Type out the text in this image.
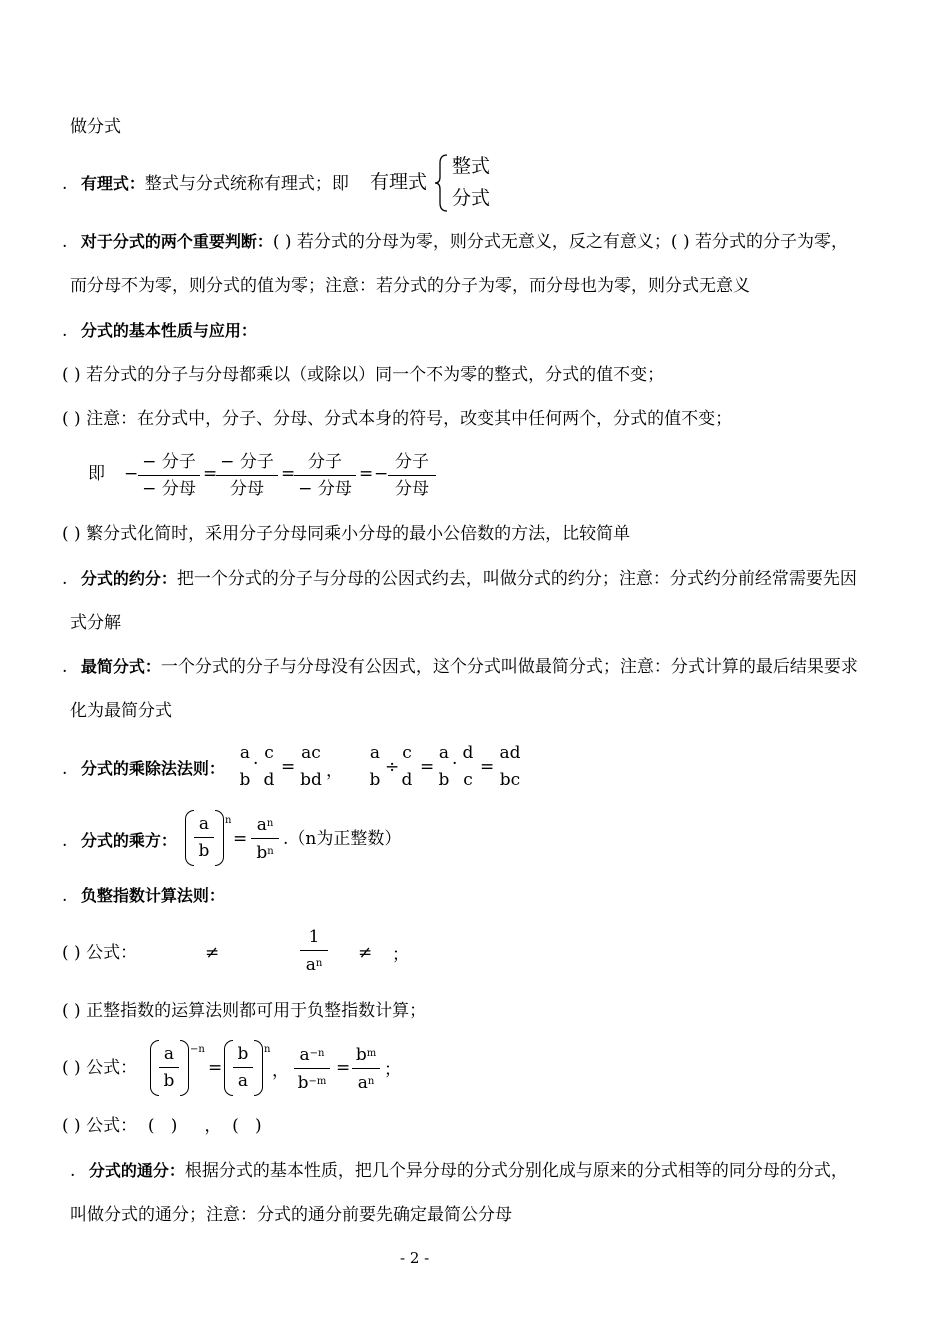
做分式
. 有理式：整式与分式统称有理式；即 有理式
整式
分式
. 对于分式的两个重要判断：( ) 若分式的分母为零，则分式无意义，反之有意义；( ) 若分式的分子为零，
而分母不为零，则分式的值为零；注意：若分式的分子为零，而分母也为零，则分式无意义
. 分式的基本性质与应用：
( ) 若分式的分子与分母都乘以（或除以）同一个不为零的整式，分式的值不变；
( ) 注意：在分式中，分子、分母、分式本身的符号，改变其中任何两个，分式的值不变；
即 −
− 分子
− 分母
=
− 分子
分母
=
分子
− 分母
= −
分子
分母
( ) 繁分式化简时，采用分子分母同乘小分母的最小公倍数的方法，比较简单
. 分式的约分：把一个分式的分子与分母的公因式约去，叫做分式的约分；注意：分式约分前经常需要先因
式分解
. 最简分式：一个分式的分子与分母没有公因式，这个分式叫做最简分式；注意：分式计算的最后结果要求
化为最简分式
. 分式的乘除法法则：
a
b
·
c
d
=
ac
bd ，
a
b
÷
c
d
=
a
b
·
d
c
=
ad
bc
. 分式的乘方：
a
b
n
=
$a^n$
$b^n$
.（n为正整数）
. 负整指数计算法则：
( ) 公式：	≠
1
$a^n$
≠ ；
( ) 正整指数的运算法则都可用于负整指数计算；
( ) 公式：
a
b
−n
=
b
a
n
，
$a^{-n}$
$b^{-m}$
=
$b^m$
$a^n$
；
( ) 公式：  (   )     ，  (   )
. 分式的通分：根据分式的基本性质，把几个异分母的分式分别化成与原来的分式相等的同分母的分式，
叫做分式的通分；注意：分式的通分前要先确定最简公分母
- 2 -
